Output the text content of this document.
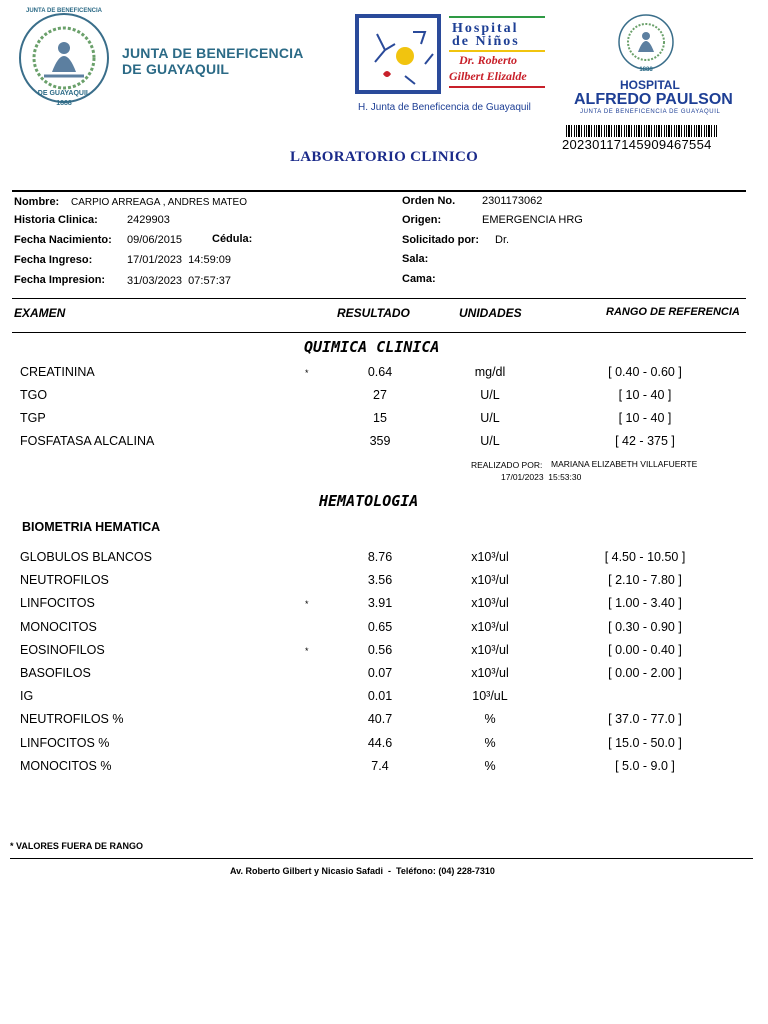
JUNTA DE BENEFICENCIA
DE GUAYAQUIL
1888
JUNTA DE BENEFICENCIA
DE GUAYAQUIL
Hospital
de Niños
Dr. Roberto
Gilbert Elizalde
H. Junta de Beneficencia de Guayaquil
1888
HOSPITAL
ALFREDO PAULSON
JUNTA DE BENEFICENCIA DE GUAYAQUIL
20230117145909467554
LABORATORIO CLINICO
Nombre: CARPIO ARREAGA , ANDRES MATEO
Historia Clinica:	2429903
Fecha Nacimiento: 09/06/2015	Cédula:
Fecha Ingreso:	17/01/2023  14:59:09
Fecha Impresion: 31/03/2023  07:57:37
Orden No. 2301173062
Origen:	EMERGENCIA HRG
Solicitado por: Dr.
Sala:
Cama:
EXAMEN	RESULTADO	UNIDADES	RANGO DE REFERENCIA
QUIMICA CLINICA
CREATININA	*	0.64	mg/dl	[ 0.40 - 0.60 ]
TGO	27	U/L	[ 10 - 40 ]
TGP	15	U/L	[ 10 - 40 ]
FOSFATASA ALCALINA	359	U/L	[ 42 - 375 ]
REALIZADO POR: MARIANA ELIZABETH VILLAFUERTE
17/01/2023  15:53:30
HEMATOLOGIA
BIOMETRIA HEMATICA
GLOBULOS BLANCOS	8.76	x10³/ul	[ 4.50 - 10.50 ]
NEUTROFILOS	3.56	x10³/ul	[ 2.10 - 7.80 ]
LINFOCITOS	*	3.91	x10³/ul	[ 1.00 - 3.40 ]
MONOCITOS	0.65	x10³/ul	[ 0.30 - 0.90 ]
EOSINOFILOS	*	0.56	x10³/ul	[ 0.00 - 0.40 ]
BASOFILOS	0.07	x10³/ul	[ 0.00 - 2.00 ]
IG	0.01	10³/uL
NEUTROFILOS %	40.7	%	[ 37.0 - 77.0 ]
LINFOCITOS %	44.6	%	[ 15.0 - 50.0 ]
MONOCITOS %	7.4	%	[ 5.0 - 9.0 ]
* VALORES FUERA DE RANGO
Av. Roberto Gilbert y Nicasio Safadi  -  Teléfono: (04) 228-7310
